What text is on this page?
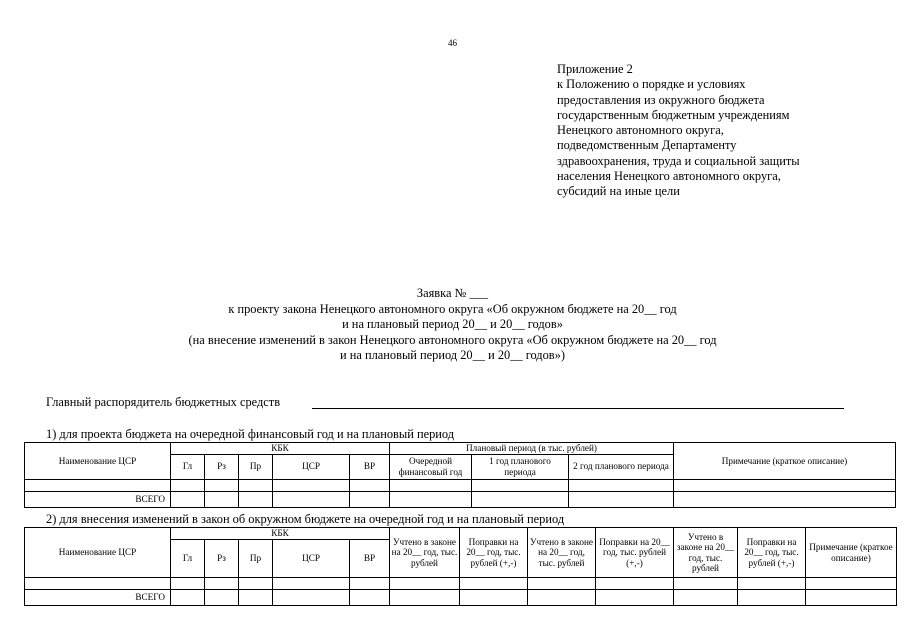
46
Приложение 2
к Положению о порядке и условиях
предоставления из окружного бюджета
государственным бюджетным учреждениям
Ненецкого автономного округа,
подведомственным Департаменту
здравоохранения, труда и социальной защиты
населения Ненецкого автономного округа,
субсидий на иные цели
Заявка № ___
к проекту закона Ненецкого автономного округа «Об окружном бюджете на 20__ год
и на плановый период 20__ и 20__ годов»
(на внесение изменений в закон Ненецкого автономного округа «Об окружном бюджете на 20__ год
и на плановый период 20__ и 20__ годов»)
Главный распорядитель бюджетных средств
1) для проекта бюджета на очередной финансовый год и на плановый период
Наименование ЦСР	КБК					Плановый период (в тыс. рублей)			Примечание (краткое описание)
	Гл	Рз	Пр	ЦСР	ВР	Очередной финансовый год	1 год планового периода	2 год планового периода	

ВСЕГО									
2) для внесения изменений в закон об окружном бюджете на очередной год и на плановый период
Наименование ЦСР	КБК					Учтено в законе на 20__ год, тыс. рублей	Поправки на 20__ год, тыс. рублей (+,-)	Учтено в законе на 20__ год, тыс. рублей	Поправки на 20__ год, тыс. рублей (+,-)	Учтено в законе на 20__ год, тыс. рублей	Поправки на 20__ год, тыс. рублей (+,-)	Примечание (краткое описание)
	Гл	Рз	Пр	ЦСР	ВР							

ВСЕГО												
